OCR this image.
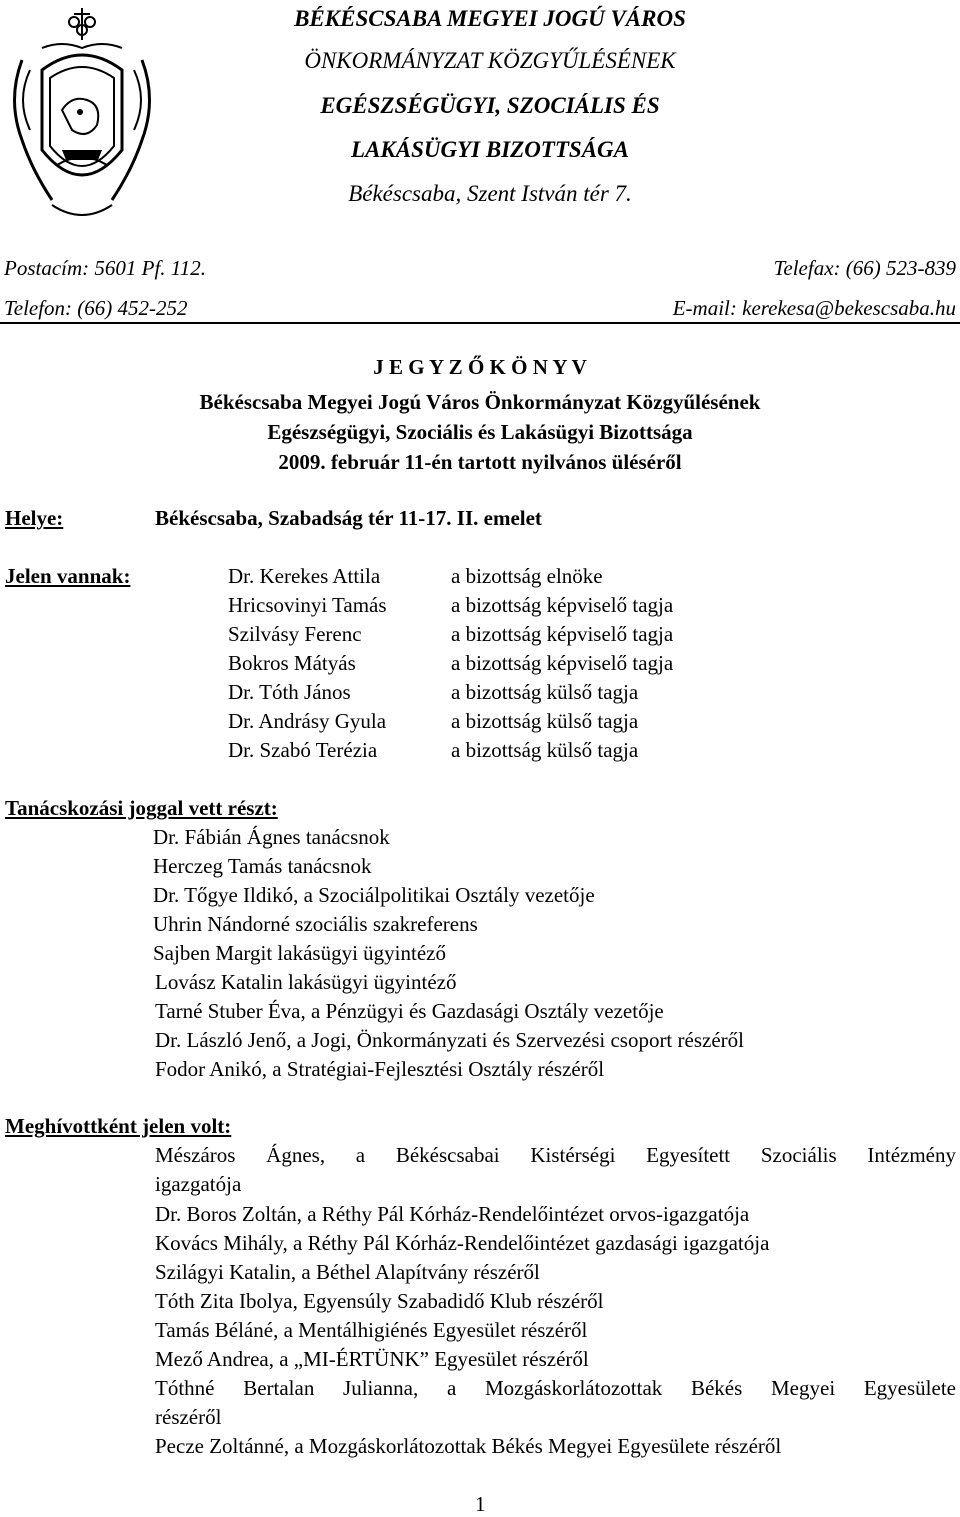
BÉKÉSCSABA MEGYEI JOGÚ VÁROS
ÖNKORMÁNYZAT KÖZGYŰLÉSÉNEK
EGÉSZSÉGÜGYI, SZOCIÁLIS ÉS
LAKÁSÜGYI BIZOTTSÁGA
Békéscsaba, Szent István tér 7.
Postacím: 5601 Pf. 112.	Telefax: (66) 523-839
Telefon: (66) 452-252	E-mail: kerekesa@bekescsaba.hu
J E G Y Z Ő K Ö N Y V
Békéscsaba Megyei Jogú Város Önkormányzat Közgyűlésének
Egészségügyi, Szociális és Lakásügyi Bizottsága
2009. február 11-én tartott nyilvános üléséről
Helye:	Békéscsaba, Szabadság tér 11-17. II. emelet
Jelen vannak:	Dr. Kerekes Attila	a bizottság elnöke
Hricsovinyi Tamás	a bizottság képviselő tagja
Szilvásy Ferenc	a bizottság képviselő tagja
Bokros Mátyás	a bizottság képviselő tagja
Dr. Tóth János	a bizottság külső tagja
Dr. Andrásy Gyula	a bizottság külső tagja
Dr. Szabó Terézia	a bizottság külső tagja
Tanácskozási joggal vett részt:
Dr. Fábián Ágnes tanácsnok
Herczeg Tamás tanácsnok
Dr. Tőgye Ildikó, a Szociálpolitikai Osztály vezetője
Uhrin Nándorné szociális szakreferens
Sajben Margit lakásügyi ügyintéző
Lovász Katalin lakásügyi ügyintéző
Tarné Stuber Éva, a Pénzügyi és Gazdasági Osztály vezetője
Dr. László Jenő, a Jogi, Önkormányzati és Szervezési csoport részéről
Fodor Anikó, a Stratégiai-Fejlesztési Osztály részéről
Meghívottként jelen volt:
Mészáros Ágnes, a Békéscsabai Kistérségi Egyesített Szociális Intézmény
igazgatója
Dr. Boros Zoltán, a Réthy Pál Kórház-Rendelőintézet orvos-igazgatója
Kovács Mihály, a Réthy Pál Kórház-Rendelőintézet gazdasági igazgatója
Szilágyi Katalin, a Béthel Alapítvány részéről
Tóth Zita Ibolya, Egyensúly Szabadidő Klub részéről
Tamás Béláné, a Mentálhigiénés Egyesület részéről
Mező Andrea, a „MI-ÉRTÜNK” Egyesület részéről
Tóthné Bertalan Julianna, a Mozgáskorlátozottak Békés Megyei Egyesülete
részéről
Pecze Zoltánné, a Mozgáskorlátozottak Békés Megyei Egyesülete részéről
1
